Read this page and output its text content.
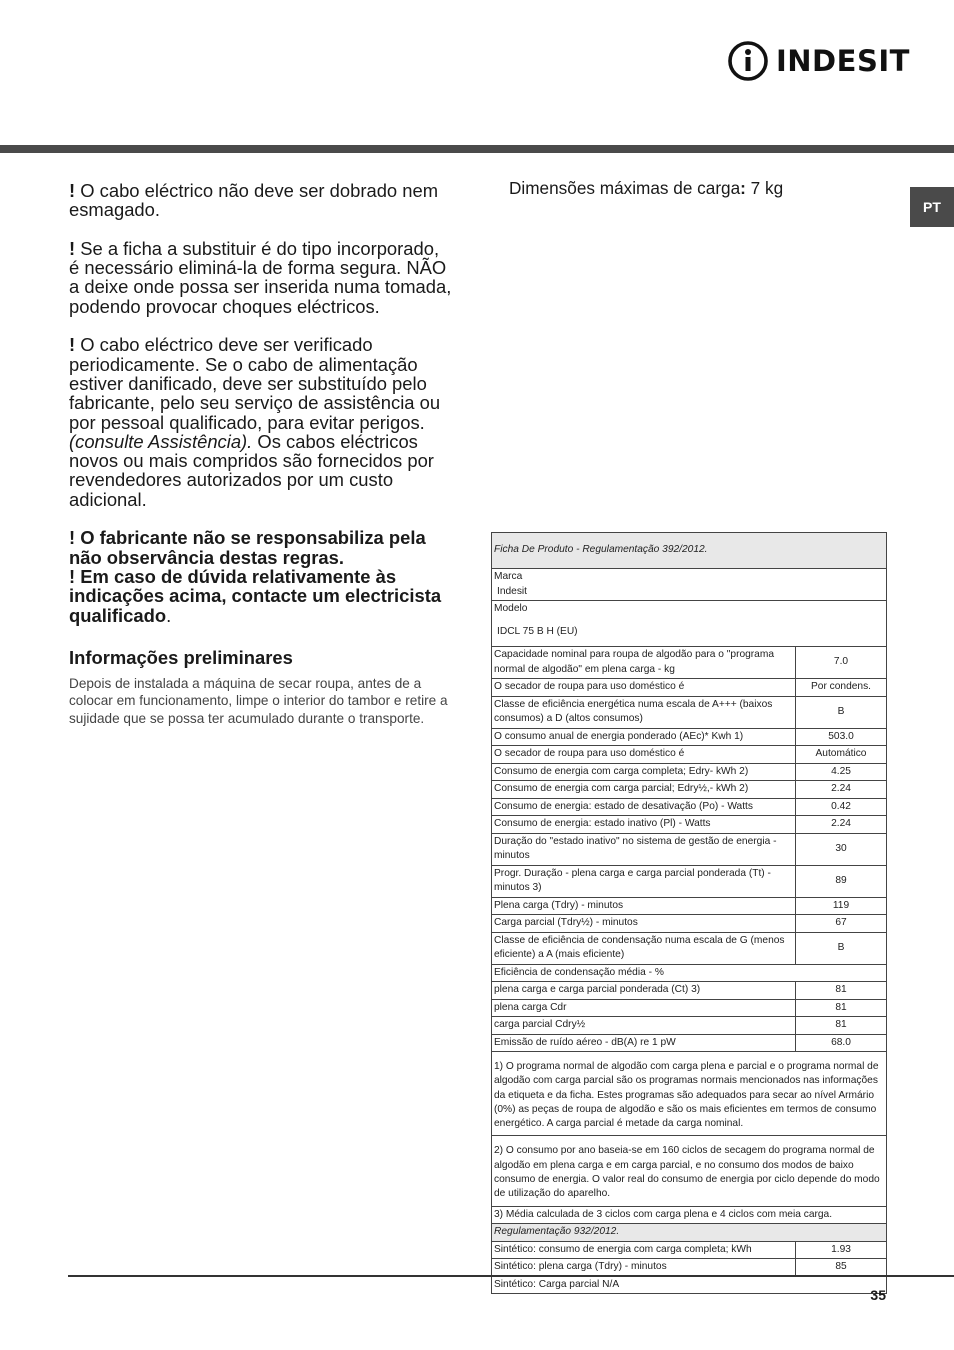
INDESIT
PT

! O cabo eléctrico não deve ser dobrado nem esmagado.

! Se a ficha a substituir é do tipo incorporado, é necessário eliminá-la de forma segura. NÃO a deixe onde possa ser inserida numa tomada, podendo provocar choques eléctricos.

! O cabo eléctrico deve ser verificado periodicamente. Se o cabo de alimentação estiver danificado, deve ser substituído pelo fabricante, pelo seu serviço de assistência ou por pessoal qualificado, para evitar perigos. (consulte Assistência). Os cabos eléctricos novos ou mais compridos são fornecidos por revendedores autorizados por um custo adicional.

! O fabricante não se responsabiliza pela não observância destas regras.

! Em caso de dúvida relativamente às indicações acima, contacte um electricista qualificado.

Informações preliminares

Depois de instalada a máquina de secar roupa, antes de a colocar em funcionamento, limpe o interior do tambor e retire a sujidade que se possa ter acumulado durante o transporte.

Dimensões máximas de carga: 7 kg
Ficha De Produto - Regulamentação 392/2012.	

Marca
Indesit	

Modelo
IDCL 75 B H (EU)	

Capacidade nominal para roupa de algodão para o "programa normal de algodão" em plena carga - kg	7.0
O secador de roupa para uso doméstico é	Por condens.
Classe de eficiência energética numa escala de A+++ (baixos consumos) a D (altos consumos)	B
O consumo anual de energia ponderado (AEc)* Kwh 1)	503.0
O secador de roupa para uso doméstico é	Automático
Consumo de energia com carga completa; Edry- kWh 2)	4.25
Consumo de energia com carga parcial; Edry½,- kWh 2)	2.24
Consumo de energia: estado de desativação (Po) - Watts	0.42
Consumo de energia: estado inativo (Pl) - Watts	2.24
Duração do "estado inativo" no sistema de gestão de energia - minutos	30
Progr. Duração - plena carga e carga parcial ponderada (Tt) - minutos 3)	89
Plena carga (Tdry) - minutos	119
Carga parcial (Tdry½) - minutos	67
Classe de eficiência de condensação numa escala de G (menos eficiente) a A (mais eficiente)	B
Eficiência de condensação média - %	
plena carga e carga parcial ponderada (Ct) 3)	81
plena carga Cdr	81
carga parcial Cdry½	81
Emissão de ruído aéreo - dB(A) re 1 pW	68.0
1) O programa normal de algodão com carga plena e parcial e o programa normal de algodão com carga parcial são os programas normais mencionados nas informações da etiqueta e da ficha. Estes programas são adequados para secar ao nível Armário (0%) as peças de roupa de algodão e são os mais eficientes em termos de consumo energético. A carga parcial é metade da carga nominal.	
2) O consumo por ano baseia-se em 160 ciclos de secagem do programa normal de algodão em plena carga e em carga parcial, e no consumo dos modos de baixo consumo de energia. O valor real do consumo de energia por ciclo depende do modo de utilização do aparelho.	
3) Média calculada de 3 ciclos com carga plena e 4 ciclos com meia carga.	
Regulamentação 932/2012.	
Sintético: consumo de energia com carga completa; kWh	1.93
Sintético: plena carga (Tdry) - minutos	85
Sintético: Carga parcial N/A	
35
